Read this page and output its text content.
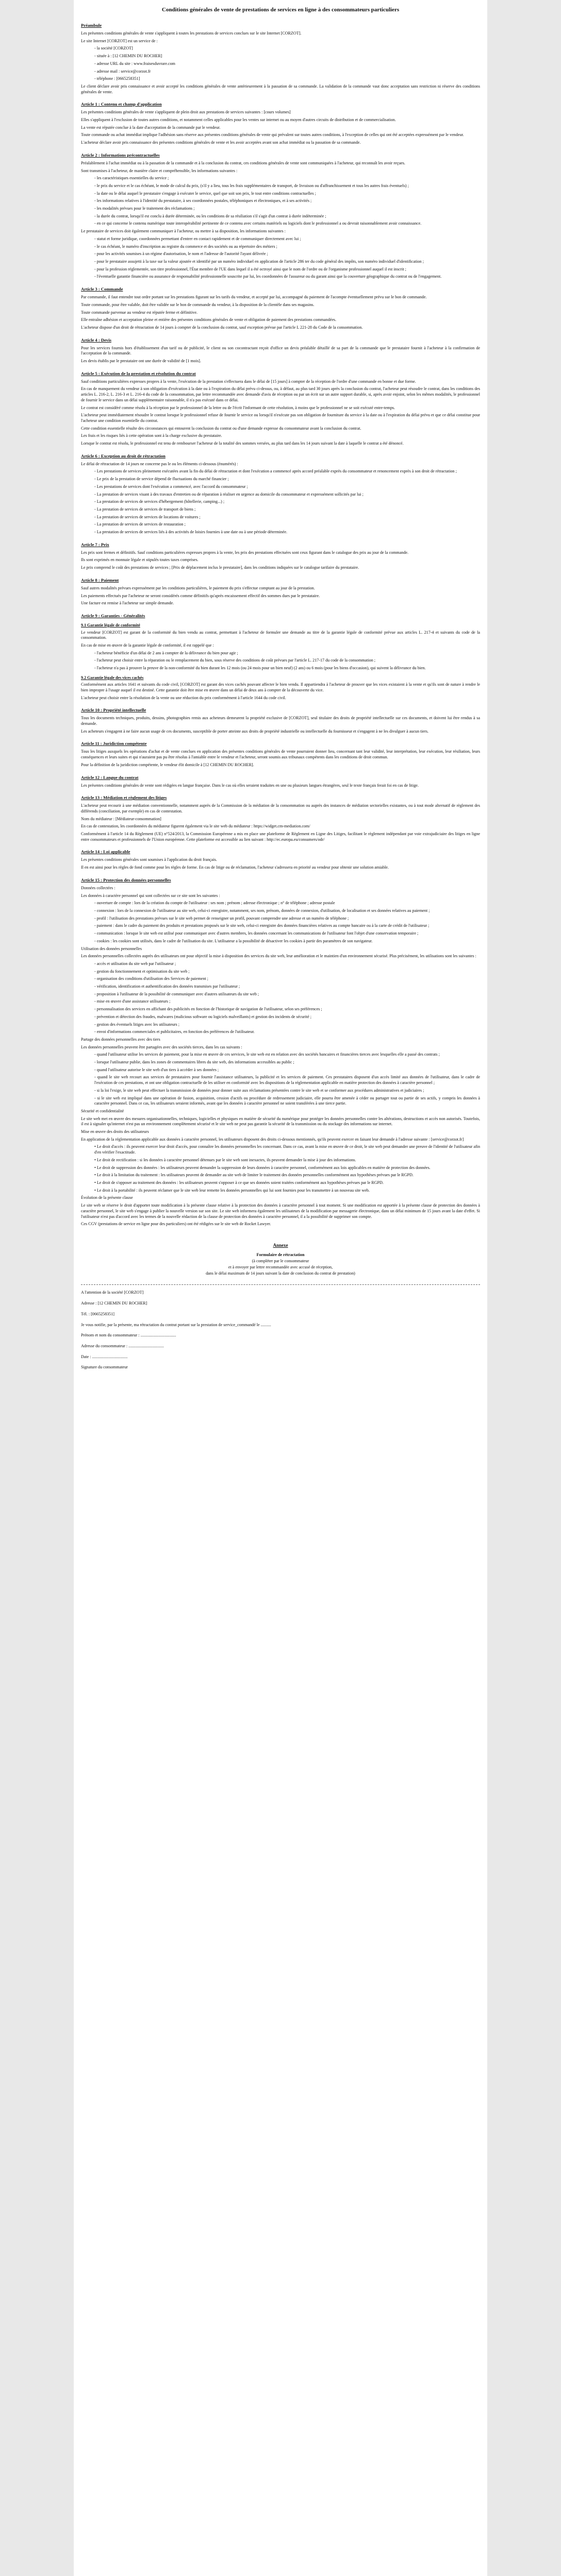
Conditions générales de vente de prestations de services en ligne à des consommateurs particuliers
Préambule

Les présentes conditions générales de vente s'appliquent à toutes les prestations de services conclues sur le site Internet [CORZOT].

Le site Internet [CORZOT] est un service de :

- la société [CORZOT]

- située à : [12 CHEMIN DU ROCHER]

- adresse URL du site : www.fraisesduvrare.com

- adresse mail : service@corzot.fr

- téléphone : [0665258351]

Le client déclare avoir pris connaissance et avoir accepté les conditions générales de vente antérieurement à la passation de sa commande. La validation de la commande vaut donc acceptation sans restriction ni réserve des conditions générales de vente.

Article 1 : Contenu et champ d'application

Les présentes conditions générales de vente s'appliquent de plein droit aux prestations de services suivantes : [cours volumes]

Elles s'appliquent à l'exclusion de toutes autres conditions, et notamment celles applicables pour les ventes sur internet ou au moyen d'autres circuits de distribution et de commercialisation.

La vente est réputée conclue à la date d'acceptation de la commande par le vendeur.

Toute commande ou achat immédiat implique l'adhésion sans réserve aux présentes conditions générales de vente qui prévalent sur toutes autres conditions, à l'exception de celles qui ont été acceptées expressément par le vendeur.

L'acheteur déclare avoir pris connaissance des présentes conditions générales de vente et les avoir acceptées avant son achat immédiat ou la passation de sa commande.

Article 2 : Informations précontractuelles

Préalablement à l'achat immédiat ou à la passation de la commande et à la conclusion du contrat, ces conditions générales de vente sont communiquées à l'acheteur, qui reconnaît les avoir reçues.

Sont transmises à l'acheteur, de manière claire et compréhensible, les informations suivantes :

- les caractéristiques essentielles du service ;

- le prix du service et le cas échéant, le mode de calcul du prix, (s'il y a lieu, tous les frais supplémentaires de transport, de livraison ou d'affranchissement et tous les autres frais éventuels) ;

- la date ou le délai auquel le prestataire s'engage à exécuter le service, quel que soit son prix, le tout entre conditions contractuelles ;

- les informations relatives à l'identité du prestataire, à ses coordonnées postales, téléphoniques et électroniques, et à ses activités ;

- les modalités prévues pour le traitement des réclamations ;

- la durée du contrat, lorsqu'il est conclu à durée déterminée, ou les conditions de sa résiliation s'il s'agit d'un contrat à durée indéterminée ;

- en ce qui concerne le contenu numérique toute interopérabilité pertinente de ce contenu avec certains matériels ou logiciels dont le professionnel a ou devrait raisonnablement avoir connaissance.

Le prestataire de services doit également communiquer à l'acheteur, ou mettre à sa disposition, les informations suivantes :

- statut et forme juridique, coordonnées permettant d'entrer en contact rapidement et de communiquer directement avec lui ;

- le cas échéant, le numéro d'inscription au registre du commerce et des sociétés ou au répertoire des métiers ;

- pour les activités soumises à un régime d'autorisation, le nom et l'adresse de l'autorité l'ayant délivrée ;

- pour le prestataire assujetti à la taxe sur la valeur ajoutée et identifié par un numéro individuel en application de l'article 286 ter du code général des impôts, son numéro individuel d'identification ;

- pour la profession réglementée, son titre professionnel, l'État membre de l'UE dans lequel il a été octroyé ainsi que le nom de l'ordre ou de l'organisme professionnel auquel il est inscrit ;

- l'éventuelle garantie financière ou assurance de responsabilité professionnelle souscrite par lui, les coordonnées de l'assureur ou du garant ainsi que la couverture géographique du contrat ou de l'engagement.

Article 3 : Commande

Par commande, il faut entendre tout ordre portant sur les prestations figurant sur les tarifs du vendeur, et accepté par lui, accompagné du paiement de l'acompte éventuellement prévu sur le bon de commande.

Toute commande, pour être valable, doit être validée sur le bon de commande du vendeur, à la disposition de la clientèle dans ses magasins.

Toute commande parvenue au vendeur est réputée ferme et définitive.

Elle entraîne adhésion et acceptation pleine et entière des présentes conditions générales de vente et obligation de paiement des prestations commandées.

L'acheteur dispose d'un droit de rétractation de 14 jours à compter de la conclusion du contrat, sauf exception prévue par l'article L 221-28 du Code de la consommation.

Article 4 : Devis

Pour les services fournis hors d'établissement d'un tarif ou de publicité, le client ou son cocontractant reçoit d'office un devis préalable détaillé de sa part de la commande que le prestataire fournit à l'acheteur à la confirmation de l'acceptation de la commande.

Les devis établis par le prestataire ont une durée de validité de [1 mois].

Article 5 : Exécution de la prestation et résolution du contrat

Sauf conditions particulières expresses propres à la vente, l'exécution de la prestation s'effectuera dans le délai de [15 jours] à compter de la réception de l'ordre d'une commande en bonne et due forme.

En cas de manquement du vendeur à son obligation d'exécution à la date ou à l'expiration du délai prévu ci-dessus, ou, à défaut, au plus tard 30 jours après la conclusion du contrat, l'acheteur peut résoudre le contrat, dans les conditions des articles L. 216-2, L. 216-3 et L. 216-4 du code de la consommation, par lettre recommandée avec demande d'avis de réception ou par un écrit sur un autre support durable, si, après avoir enjoint, selon les mêmes modalités, le professionnel de fournir le service dans un délai supplémentaire raisonnable, il n'a pas exécuté dans ce délai.

Le contrat est considéré comme résolu à la réception par le professionnel de la lettre ou de l'écrit l'informant de cette résolution, à moins que le professionnel ne se soit exécuté entre-temps.

L'acheteur peut immédiatement résoudre le contrat lorsque le professionnel refuse de fournir le service ou lorsqu'il n'exécute pas son obligation de fourniture du service à la date ou à l'expiration du délai prévu et que ce délai constitue pour l'acheteur une condition essentielle du contrat.

Cette condition essentielle résulte des circonstances qui entourent la conclusion du contrat ou d'une demande expresse du consommateur avant la conclusion du contrat.

Les frais et les risques liés à cette opération sont à la charge exclusive du prestataire.

Lorsque le contrat est résolu, le professionnel est tenu de rembourser l'acheteur de la totalité des sommes versées, au plus tard dans les 14 jours suivant la date à laquelle le contrat a été dénoncé.

Article 6 : Exception au droit de rétractation

Le délai de rétractation de 14 jours ne concerne pas le ou les éléments ci-dessous (énumérés) :

- Les prestations de services pleinement exécutées avant la fin du délai de rétractation et dont l'exécution a commencé après accord préalable exprès du consommateur et renoncement exprès à son droit de rétractation ;

- Le prix de la prestation de service dépend de fluctuations du marché financier ;

- Les prestations de services dont l'exécution a commencé, avec l'accord du consommateur ;

- La prestation de services visant à des travaux d'entretien ou de réparation à réaliser en urgence au domicile du consommateur et expressément sollicités par lui ;

- La prestation de services de services d'hébergement (hôtellerie, camping...) ;

- La prestation de services de services de transport de biens ;

- La prestation de services de services de locations de voitures ;

- La prestation de services de services de restauration ;

- La prestation de services de services liés à des activités de loisirs fournies à une date ou à une période déterminée.

Article 7 : Prix

Les prix sont fermes et définitifs. Sauf conditions particulières expresses propres à la vente, les prix des prestations effectuées sont ceux figurant dans le catalogue des prix au jour de la commande.

Ils sont exprimés en monnaie légale et stipulés toutes taxes comprises.

Le prix comprend le coût des prestations de services ; [Prix de déplacement inclus le prestataire], dans les conditions indiquées sur le catalogue tarifaire du prestataire.

Article 8 : Paiement

Sauf autres modalités prévues expressément par les conditions particulières, le paiement du prix s'effectue comptant au jour de la prestation.

Les paiements effectués par l'acheteur ne seront considérés comme définitifs qu'après encaissement effectif des sommes dues par le prestataire.

Une facture est remise à l'acheteur sur simple demande.

Article 9 : Garanties - Généralités
9.1 Garantie légale de conformité

Le vendeur [CORZOT] est garant de la conformité du bien vendu au contrat, permettant à l'acheteur de formuler une demande au titre de la garantie légale de conformité prévue aux articles L. 217-4 et suivants du code de la consommation.

En cas de mise en œuvre de la garantie légale de conformité, il est rappelé que :

- l'acheteur bénéficie d'un délai de 2 ans à compter de la délivrance du bien pour agir ;

- l'acheteur peut choisir entre la réparation ou le remplacement du bien, sous réserve des conditions de coût prévues par l'article L. 217-17 du code de la consommation ;

- l'acheteur n'a pas à prouver la preuve de la non-conformité du bien durant les 12 mois (ou 24 mois pour un bien neuf) (2 ans) ou 6 mois (pour les biens d'occasion), qui suivent la délivrance du bien.

9.2 Garantie légale des vices cachés

Conformément aux articles 1641 et suivants du code civil, [CORZOT] est garant des vices cachés pouvant affecter le bien vendu. Il appartiendra à l'acheteur de prouver que les vices existaient à la vente et qu'ils sont de nature à rendre le bien impropre à l'usage auquel il est destiné. Cette garantie doit être mise en œuvre dans un délai de deux ans à compter de la découverte du vice.

L'acheteur peut choisir entre la résolution de la vente ou une réduction du prix conformément à l'article 1644 du code civil.

Article 10 : Propriété intellectuelle

Tous les documents techniques, produits, dessins, photographies remis aux acheteurs demeurent la propriété exclusive de [CORZOT], seul titulaire des droits de propriété intellectuelle sur ces documents, et doivent lui être rendus à sa demande.

Les acheteurs s'engagent à ne faire aucun usage de ces documents, susceptible de porter atteinte aux droits de propriété industrielle ou intellectuelle du fournisseur et s'engagent à ne les divulguer à aucun tiers.

Article 11 : Juridiction compétente

Tous les litiges auxquels les opérations d'achat et de vente conclues en application des présentes conditions générales de vente pourraient donner lieu, concernant tant leur validité, leur interprétation, leur exécution, leur résiliation, leurs conséquences et leurs suites et qui n'auraient pas pu être résolus à l'amiable entre le vendeur et l'acheteur, seront soumis aux tribunaux compétents dans les conditions de droit commun.

Pour la définition de la juridiction compétente, le vendeur élit domicile à [12 CHEMIN DU ROCHER].

Article 12 : Langue du contrat

Les présentes conditions générales de vente sont rédigées en langue française. Dans le cas où elles seraient traduites en une ou plusieurs langues étrangères, seul le texte français ferait foi en cas de litige.

Article 13 : Médiation et règlement des litiges

L'acheteur peut recourir à une médiation conventionnelle, notamment auprès de la Commission de la médiation de la consommation ou auprès des instances de médiation sectorielles existantes, ou à tout mode alternatif de règlement des différends (conciliation, par exemple) en cas de contestation.

Nom du médiateur : [Médiateur-consommation]

En cas de contestation, les coordonnées du médiateur figurent également via le site web du médiateur : https://widget.cm-mediation.com/

Conformément à l'article 14 du Règlement (UE) n°524/2013, la Commission Européenne a mis en place une plateforme de Règlement en Ligne des Litiges, facilitant le règlement indépendant par voie extrajudiciaire des litiges en ligne entre consommateurs et professionnels de l'Union européenne. Cette plateforme est accessible au lien suivant : http://ec.europa.eu/consumers/odr/

Article 14 : Loi applicable

Les présentes conditions générales sont soumises à l'application du droit français.

Il en est ainsi pour les règles de fond comme pour les règles de forme. En cas de litige ou de réclamation, l'acheteur s'adressera en priorité au vendeur pour obtenir une solution amiable.

Article 15 : Protection des données personnelles

Données collectées :

Les données à caractère personnel qui sont collectées sur ce site sont les suivantes :

- ouverture de compte : lors de la création du compte de l'utilisateur : ses nom ; prénom ; adresse électronique ; n° de téléphone ; adresse postale

- connexion : lors de la connexion de l'utilisateur au site web, celui-ci enregistre, notamment, ses nom, prénom, données de connexion, d'utilisation, de localisation et ses données relatives au paiement ;

- profil : l'utilisation des prestations prévues sur le site web permet de renseigner un profil, pouvant comprendre une adresse et un numéro de téléphone ;

- paiement : dans le cadre du paiement des produits et prestations proposés sur le site web, celui-ci enregistre des données financières relatives au compte bancaire ou à la carte de crédit de l'utilisateur ;

- communication : lorsque le site web est utilisé pour communiquer avec d'autres membres, les données concernant les communications de l'utilisateur font l'objet d'une conservation temporaire ;

- cookies : les cookies sont utilisés, dans le cadre de l'utilisation du site. L'utilisateur a la possibilité de désactiver les cookies à partir des paramètres de son navigateur.

Utilisation des données personnelles

Les données personnelles collectées auprès des utilisateurs ont pour objectif la mise à disposition des services du site web, leur amélioration et le maintien d'un environnement sécurisé. Plus précisément, les utilisations sont les suivantes :

- accès et utilisation du site web par l'utilisateur ;

- gestion du fonctionnement et optimisation du site web ;

- organisation des conditions d'utilisation des Services de paiement ;

- vérification, identification et authentification des données transmises par l'utilisateur ;

- proposition à l'utilisateur de la possibilité de communiquer avec d'autres utilisateurs du site web ;

- mise en œuvre d'une assistance utilisateurs ;

- personnalisation des services en affichant des publicités en fonction de l'historique de navigation de l'utilisateur, selon ses préférences ;

- prévention et détection des fraudes, malwares (malicious software ou logiciels malveillants) et gestion des incidents de sécurité ;

- gestion des éventuels litiges avec les utilisateurs ;

- envoi d'informations commerciales et publicitaires, en fonction des préférences de l'utilisateur.

Partage des données personnelles avec des tiers

Les données personnelles peuvent être partagées avec des sociétés tierces, dans les cas suivants :

- quand l'utilisateur utilise les services de paiement, pour la mise en œuvre de ces services, le site web est en relation avec des sociétés bancaires et financières tierces avec lesquelles elle a passé des contrats ;

- lorsque l'utilisateur publie, dans les zones de commentaires libres du site web, des informations accessibles au public ;

- quand l'utilisateur autorise le site web d'un tiers à accéder à ses données ;

- quand le site web recourt aux services de prestataires pour fournir l'assistance utilisateurs, la publicité et les services de paiement. Ces prestataires disposent d'un accès limité aux données de l'utilisateur, dans le cadre de l'exécution de ces prestations, et ont une obligation contractuelle de les utiliser en conformité avec les dispositions de la réglementation applicable en matière protection des données à caractère personnel ;

- si la loi l'exige, le site web peut effectuer la transmission de données pour donner suite aux réclamations présentées contre le site web et se conformer aux procédures administratives et judiciaires ;

- si le site web est impliqué dans une opération de fusion, acquisition, cession d'actifs ou procédure de redressement judiciaire, elle pourra être amenée à céder ou partager tout ou partie de ses actifs, y compris les données à caractère personnel. Dans ce cas, les utilisateurs seraient informés, avant que les données à caractère personnel ne soient transférées à une tierce partie.

Sécurité et confidentialité

Le site web met en œuvre des mesures organisationnelles, techniques, logicielles et physiques en matière de sécurité du numérique pour protéger les données personnelles contre les altérations, destructions et accès non autorisés. Toutefois, il est à signaler qu'internet n'est pas un environnement complètement sécurisé et le site web ne peut pas garantir la sécurité de la transmission ou du stockage des informations sur internet.

Mise en œuvre des droits des utilisateurs

En application de la réglementation applicable aux données à caractère personnel, les utilisateurs disposent des droits ci-dessous mentionnés, qu'ils peuvent exercer en faisant leur demande à l'adresse suivante : [service@corzot.fr]

• Le droit d'accès : ils peuvent exercer leur droit d'accès, pour connaître les données personnelles les concernant. Dans ce cas, avant la mise en œuvre de ce droit, le site web peut demander une preuve de l'identité de l'utilisateur afin d'en vérifier l'exactitude.

• Le droit de rectification : si les données à caractère personnel détenues par le site web sont inexactes, ils peuvent demander la mise à jour des informations.

• Le droit de suppression des données : les utilisateurs peuvent demander la suppression de leurs données à caractère personnel, conformément aux lois applicables en matière de protection des données.

• Le droit à la limitation du traitement : les utilisateurs peuvent de demander au site web de limiter le traitement des données personnelles conformément aux hypothèses prévues par le RGPD.

• Le droit de s'opposer au traitement des données : les utilisateurs peuvent s'opposer à ce que ses données soient traitées conformément aux hypothèses prévues par le RGPD.

• Le droit à la portabilité : ils peuvent réclamer que le site web leur remette les données personnelles qui lui sont fournies pour les transmettre à un nouveau site web.

Évolution de la présente clause

Le site web se réserve le droit d'apporter toute modification à la présente clause relative à la protection des données à caractère personnel à tout moment. Si une modification est apportée à la présente clause de protection des données à caractère personnel, le site web s'engage à publier la nouvelle version sur son site. Le site web informera également les utilisateurs de la modification par messagerie électronique, dans un délai minimum de 15 jours avant la date d'effet. Si l'utilisateur n'est pas d'accord avec les termes de la nouvelle rédaction de la clause de protection des données à caractère personnel, il a la possibilité de supprimer son compte.

Ces CGV (prestations de service en ligne pour des particuliers) ont été rédigées sur le site web de Rocket Lawyer.

Annexe
Formulaire de rétractation
(à compléter par le consommateur
et à envoyer par lettre recommandée avec accusé de réception,
dans le délai maximum de 14 jours suivant la date de conclusion du contrat de prestation)
A l'attention de la société [CORZOT]
Adresse : [12 CHEMIN DU ROCHER]
Tél. : [0665258351]
Je vous notifie, par la présente, ma rétractation du contrat portant sur la prestation de service_commandé le ..........
Prénom et nom du consommateur : ..................................
Adresse du consommateur : ..................................
Date : ..................................
Signature du consommateur
